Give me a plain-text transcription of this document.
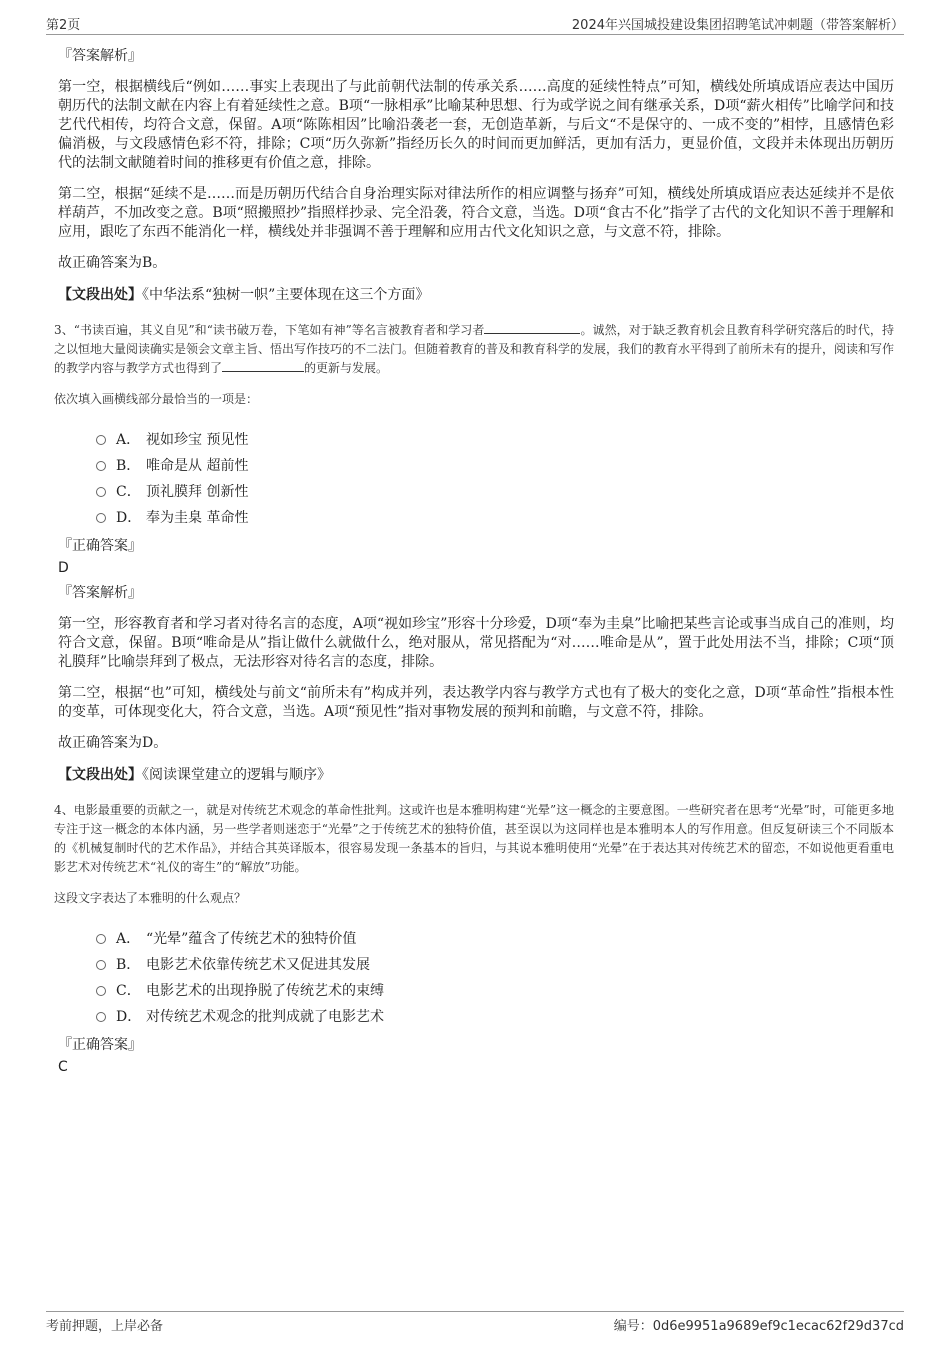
第2页	2024年兴国城投建设集团招聘笔试冲刺题（带答案解析）
『答案解析』

第一空，根据横线后“例如……事实上表现出了与此前朝代法制的传承关系……高度的延续性特点”可知，横线处所填成语应表达中国历朝历代的法制文献在内容上有着延续性之意。B项“一脉相承”比喻某种思想、行为或学说之间有继承关系，D项“薪火相传”比喻学问和技艺代代相传，均符合文意，保留。A项“陈陈相因”比喻沿袭老一套，无创造革新，与后文“不是保守的、一成不变的”相悖，且感情色彩偏消极，与文段感情色彩不符，排除；C项“历久弥新”指经历长久的时间而更加鲜活，更加有活力，更显价值，文段并未体现出历朝历代的法制文献随着时间的推移更有价值之意，排除。

第二空，根据“延续不是……而是历朝历代结合自身治理实际对律法所作的相应调整与扬弃”可知，横线处所填成语应表达延续并不是依样葫芦，不加改变之意。B项“照搬照抄”指照样抄录、完全沿袭，符合文意，当选。D项“食古不化”指学了古代的文化知识不善于理解和应用，跟吃了东西不能消化一样，横线处并非强调不善于理解和应用古代文化知识之意，与文意不符，排除。

故正确答案为B。

【文段出处】《中华法系“独树一帜”主要体现在这三个方面》

3、“书读百遍，其义自见”和“读书破万卷，下笔如有神”等名言被教育者和学习者	。诚然，对于缺乏教育机会且教育科学研究落后的时代，持之以恒地大量阅读确实是领会文章主旨、悟出写作技巧的不二法门。但随着教育的普及和教育科学的发展，我们的教育水平得到了前所未有的提升，阅读和写作的教学内容与教学方式也得到了	的更新与发展。

依次填入画横线部分最恰当的一项是：

A． 视如珍宝 预见性
B． 唯命是从 超前性
C． 顶礼膜拜 创新性
D． 奉为圭臬 革命性
『正确答案』
D
『答案解析』

第一空，形容教育者和学习者对待名言的态度，A项“视如珍宝”形容十分珍爱，D项“奉为圭臬”比喻把某些言论或事当成自己的准则，均符合文意，保留。B项“唯命是从”指让做什么就做什么，绝对服从，常见搭配为“对……唯命是从”，置于此处用法不当，排除；C项“顶礼膜拜”比喻崇拜到了极点，无法形容对待名言的态度，排除。

第二空，根据“也”可知，横线处与前文“前所未有”构成并列，表达教学内容与教学方式也有了极大的变化之意，D项“革命性”指根本性的变革，可体现变化大，符合文意，当选。A项“预见性”指对事物发展的预判和前瞻，与文意不符，排除。

故正确答案为D。

【文段出处】《阅读课堂建立的逻辑与顺序》

4、电影最重要的贡献之一，就是对传统艺术观念的革命性批判。这或许也是本雅明构建“光晕”这一概念的主要意图。一些研究者在思考“光晕”时，可能更多地专注于这一概念的本体内涵，另一些学者则迷恋于“光晕”之于传统艺术的独特价值，甚至误以为这同样也是本雅明本人的写作用意。但反复研读三个不同版本的《机械复制时代的艺术作品》，并结合其英译版本，很容易发现一条基本的旨归，与其说本雅明使用“光晕”在于表达其对传统艺术的留恋，不如说他更看重电影艺术对传统艺术“礼仪的寄生”的“解放”功能。

这段文字表达了本雅明的什么观点？

A． “光晕”蕴含了传统艺术的独特价值
B． 电影艺术依靠传统艺术又促进其发展
C． 电影艺术的出现挣脱了传统艺术的束缚
D． 对传统艺术观念的批判成就了电影艺术
『正确答案』
C
考前押题，上岸必备	编号：0d6e9951a9689ef9c1ecac62f29d37cd
